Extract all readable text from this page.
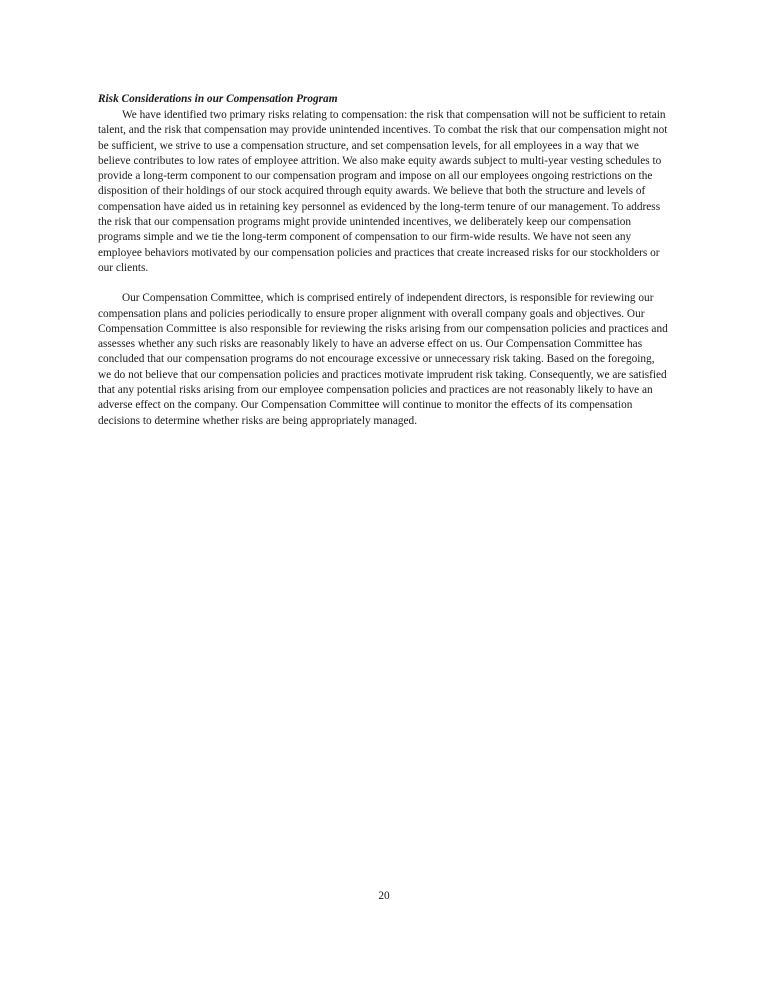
Risk Considerations in our Compensation Program

We have identified two primary risks relating to compensation: the risk that compensation will not be sufficient to retain talent, and the risk that compensation may provide unintended incentives. To combat the risk that our compensation might not be sufficient, we strive to use a compensation structure, and set compensation levels, for all employees in a way that we believe contributes to low rates of employee attrition. We also make equity awards subject to multi-year vesting schedules to provide a long-term component to our compensation program and impose on all our employees ongoing restrictions on the disposition of their holdings of our stock acquired through equity awards. We believe that both the structure and levels of compensation have aided us in retaining key personnel as evidenced by the long-term tenure of our management. To address the risk that our compensation programs might provide unintended incentives, we deliberately keep our compensation programs simple and we tie the long-term component of compensation to our firm-wide results. We have not seen any employee behaviors motivated by our compensation policies and practices that create increased risks for our stockholders or our clients.

Our Compensation Committee, which is comprised entirely of independent directors, is responsible for reviewing our compensation plans and policies periodically to ensure proper alignment with overall company goals and objectives. Our Compensation Committee is also responsible for reviewing the risks arising from our compensation policies and practices and assesses whether any such risks are reasonably likely to have an adverse effect on us. Our Compensation Committee has concluded that our compensation programs do not encourage excessive or unnecessary risk taking. Based on the foregoing, we do not believe that our compensation policies and practices motivate imprudent risk taking. Consequently, we are satisfied that any potential risks arising from our employee compensation policies and practices are not reasonably likely to have an adverse effect on the company. Our Compensation Committee will continue to monitor the effects of its compensation decisions to determine whether risks are being appropriately managed.

20
